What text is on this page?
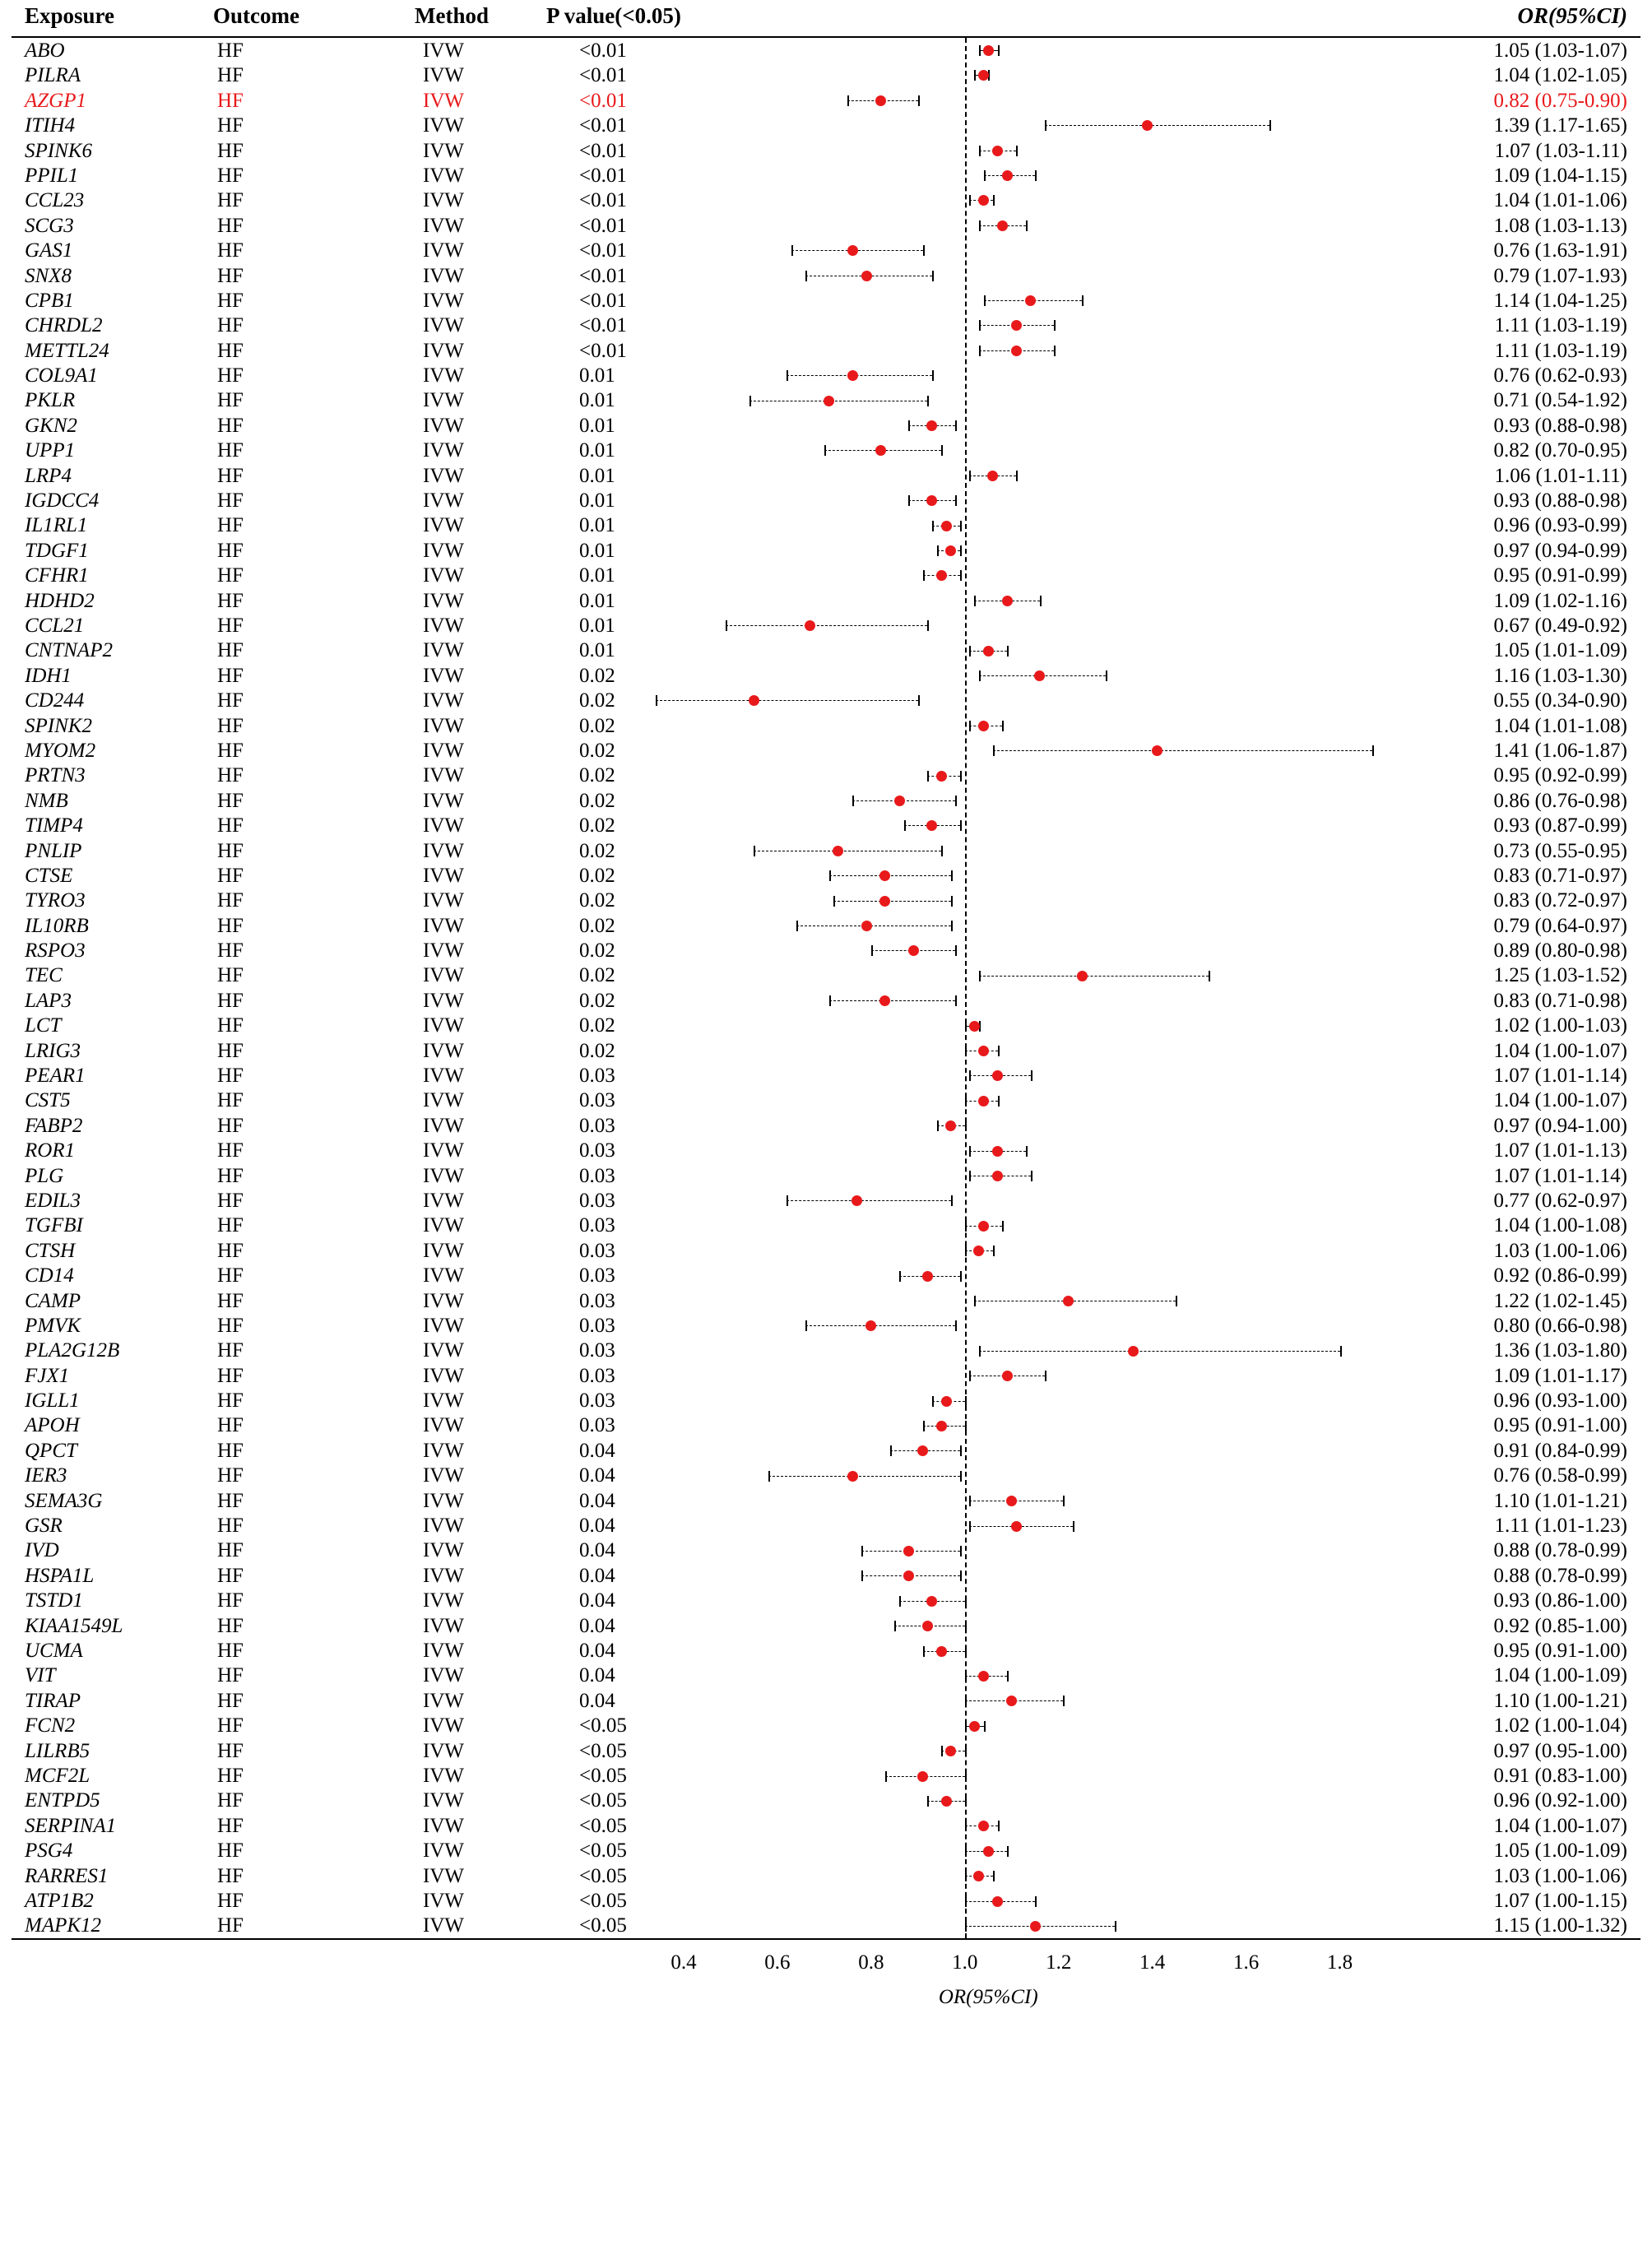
Exposure	Outcome	Method	P value(<0.05)	OR(95%CI)
ABO	HF	IVW	<0.01	1.05 (1.03-1.07)
PILRA	HF	IVW	<0.01	1.04 (1.02-1.05)
AZGP1	HF	IVW	<0.01	0.82 (0.75-0.90)
ITIH4	HF	IVW	<0.01	1.39 (1.17-1.65)
SPINK6	HF	IVW	<0.01	1.07 (1.03-1.11)
PPIL1	HF	IVW	<0.01	1.09 (1.04-1.15)
CCL23	HF	IVW	<0.01	1.04 (1.01-1.06)
SCG3	HF	IVW	<0.01	1.08 (1.03-1.13)
GAS1	HF	IVW	<0.01	0.76 (1.63-1.91)
SNX8	HF	IVW	<0.01	0.79 (1.07-1.93)
CPB1	HF	IVW	<0.01	1.14 (1.04-1.25)
CHRDL2	HF	IVW	<0.01	1.11 (1.03-1.19)
METTL24	HF	IVW	<0.01	1.11 (1.03-1.19)
COL9A1	HF	IVW	0.01	0.76 (0.62-0.93)
PKLR	HF	IVW	0.01	0.71 (0.54-1.92)
GKN2	HF	IVW	0.01	0.93 (0.88-0.98)
UPP1	HF	IVW	0.01	0.82 (0.70-0.95)
LRP4	HF	IVW	0.01	1.06 (1.01-1.11)
IGDCC4	HF	IVW	0.01	0.93 (0.88-0.98)
IL1RL1	HF	IVW	0.01	0.96 (0.93-0.99)
TDGF1	HF	IVW	0.01	0.97 (0.94-0.99)
CFHR1	HF	IVW	0.01	0.95 (0.91-0.99)
HDHD2	HF	IVW	0.01	1.09 (1.02-1.16)
CCL21	HF	IVW	0.01	0.67 (0.49-0.92)
CNTNAP2	HF	IVW	0.01	1.05 (1.01-1.09)
IDH1	HF	IVW	0.02	1.16 (1.03-1.30)
CD244	HF	IVW	0.02	0.55 (0.34-0.90)
SPINK2	HF	IVW	0.02	1.04 (1.01-1.08)
MYOM2	HF	IVW	0.02	1.41 (1.06-1.87)
PRTN3	HF	IVW	0.02	0.95 (0.92-0.99)
NMB	HF	IVW	0.02	0.86 (0.76-0.98)
TIMP4	HF	IVW	0.02	0.93 (0.87-0.99)
PNLIP	HF	IVW	0.02	0.73 (0.55-0.95)
CTSE	HF	IVW	0.02	0.83 (0.71-0.97)
TYRO3	HF	IVW	0.02	0.83 (0.72-0.97)
IL10RB	HF	IVW	0.02	0.79 (0.64-0.97)
RSPO3	HF	IVW	0.02	0.89 (0.80-0.98)
TEC	HF	IVW	0.02	1.25 (1.03-1.52)
LAP3	HF	IVW	0.02	0.83 (0.71-0.98)
LCT	HF	IVW	0.02	1.02 (1.00-1.03)
LRIG3	HF	IVW	0.02	1.04 (1.00-1.07)
PEAR1	HF	IVW	0.03	1.07 (1.01-1.14)
CST5	HF	IVW	0.03	1.04 (1.00-1.07)
FABP2	HF	IVW	0.03	0.97 (0.94-1.00)
ROR1	HF	IVW	0.03	1.07 (1.01-1.13)
PLG	HF	IVW	0.03	1.07 (1.01-1.14)
EDIL3	HF	IVW	0.03	0.77 (0.62-0.97)
TGFBI	HF	IVW	0.03	1.04 (1.00-1.08)
CTSH	HF	IVW	0.03	1.03 (1.00-1.06)
CD14	HF	IVW	0.03	0.92 (0.86-0.99)
CAMP	HF	IVW	0.03	1.22 (1.02-1.45)
PMVK	HF	IVW	0.03	0.80 (0.66-0.98)
PLA2G12B	HF	IVW	0.03	1.36 (1.03-1.80)
FJX1	HF	IVW	0.03	1.09 (1.01-1.17)
IGLL1	HF	IVW	0.03	0.96 (0.93-1.00)
APOH	HF	IVW	0.03	0.95 (0.91-1.00)
QPCT	HF	IVW	0.04	0.91 (0.84-0.99)
IER3	HF	IVW	0.04	0.76 (0.58-0.99)
SEMA3G	HF	IVW	0.04	1.10 (1.01-1.21)
GSR	HF	IVW	0.04	1.11 (1.01-1.23)
IVD	HF	IVW	0.04	0.88 (0.78-0.99)
HSPA1L	HF	IVW	0.04	0.88 (0.78-0.99)
TSTD1	HF	IVW	0.04	0.93 (0.86-1.00)
KIAA1549L	HF	IVW	0.04	0.92 (0.85-1.00)
UCMA	HF	IVW	0.04	0.95 (0.91-1.00)
VIT	HF	IVW	0.04	1.04 (1.00-1.09)
TIRAP	HF	IVW	0.04	1.10 (1.00-1.21)
FCN2	HF	IVW	<0.05	1.02 (1.00-1.04)
LILRB5	HF	IVW	<0.05	0.97 (0.95-1.00)
MCF2L	HF	IVW	<0.05	0.91 (0.83-1.00)
ENTPD5	HF	IVW	<0.05	0.96 (0.92-1.00)
SERPINA1	HF	IVW	<0.05	1.04 (1.00-1.07)
PSG4	HF	IVW	<0.05	1.05 (1.00-1.09)
RARRES1	HF	IVW	<0.05	1.03 (1.00-1.06)
ATP1B2	HF	IVW	<0.05	1.07 (1.00-1.15)
MAPK12	HF	IVW	<0.05	1.15 (1.00-1.32)
0.4	0.6	0.8	1.0	1.2	1.4	1.6	1.8
OR(95%CI)
